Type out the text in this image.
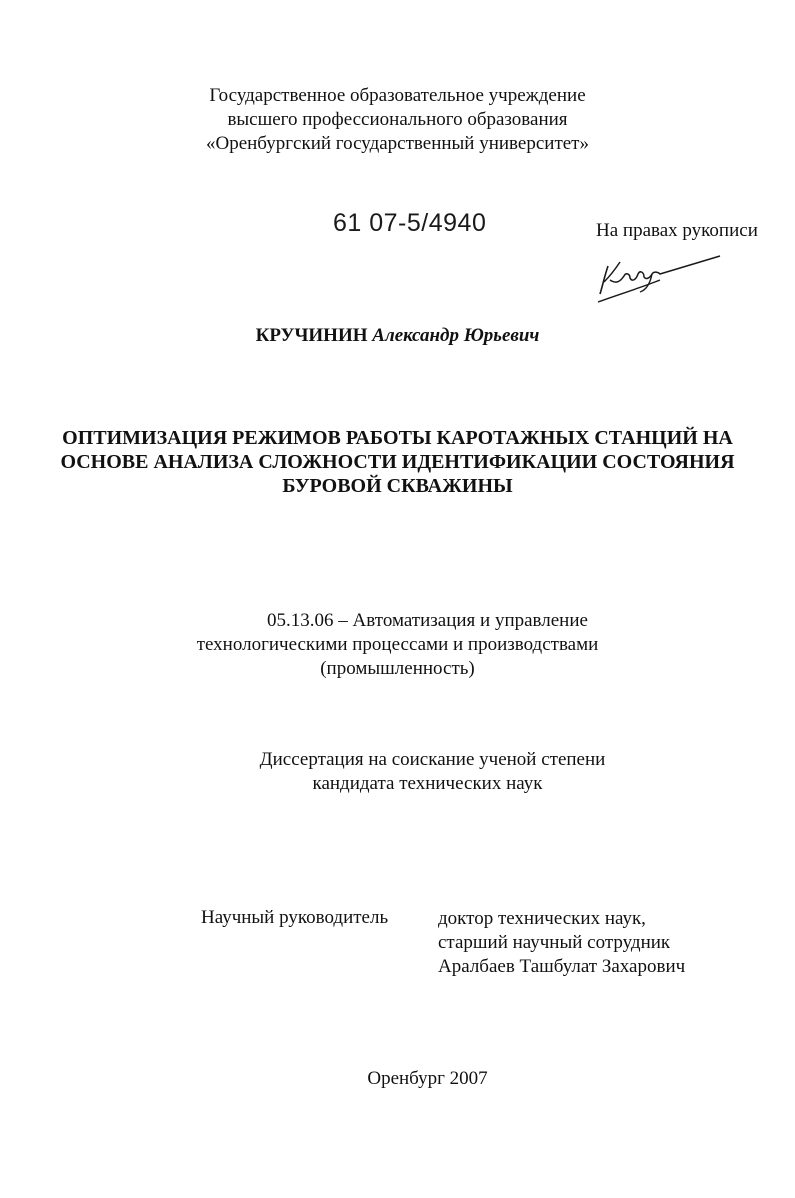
Государственное образовательное учреждение
высшего профессионального образования
«Оренбургский государственный университет»
61 07-5/4940	На правах рукописи
КРУЧИНИН Александр Юрьевич
ОПТИМИЗАЦИЯ РЕЖИМОВ РАБОТЫ КАРОТАЖНЫХ СТАНЦИЙ НА
ОСНОВЕ АНАЛИЗА СЛОЖНОСТИ ИДЕНТИФИКАЦИИ СОСТОЯНИЯ
БУРОВОЙ СКВАЖИНЫ
05.13.06 – Автоматизация и управление
технологическими процессами и производствами
(промышленность)
Диссертация на соискание ученой степени
кандидата технических наук
Научный руководитель	доктор технических наук,
старший научный сотрудник
Аралбаев Ташбулат Захарович
Оренбург 2007
